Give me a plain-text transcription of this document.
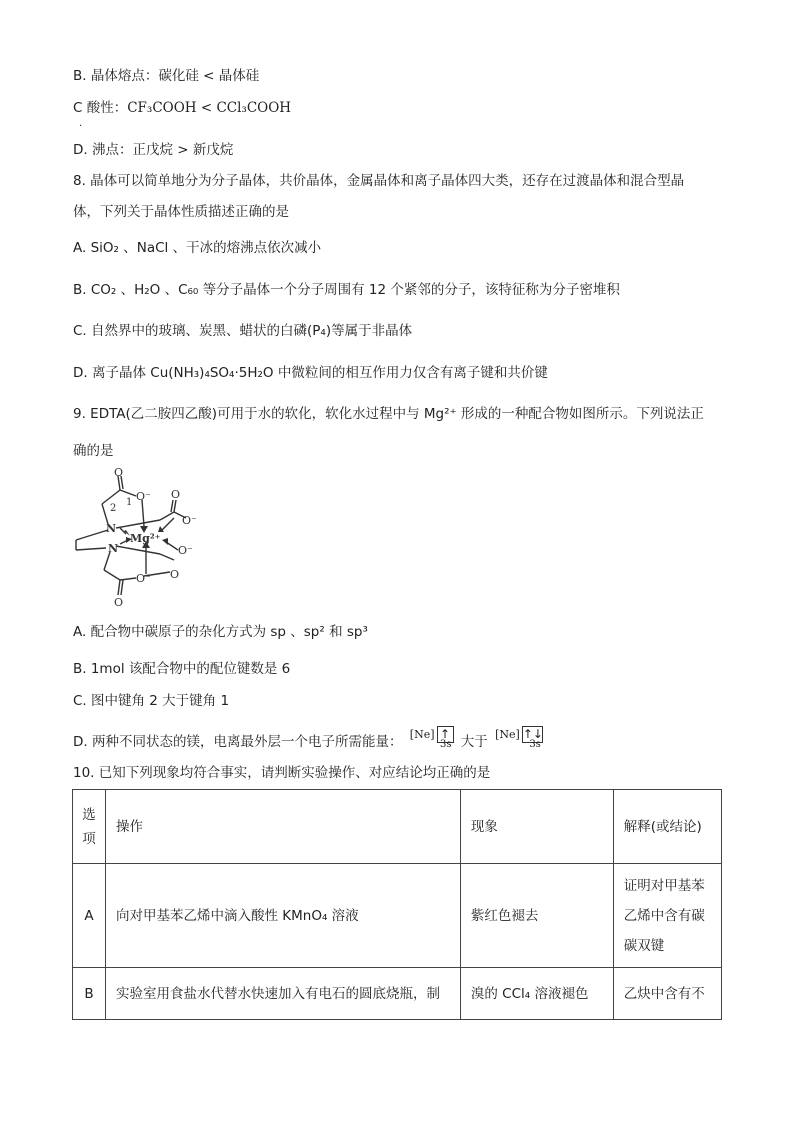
B. 晶体熔点：碳化硅 < 晶体硅
C 酸性：CF₃COOH < CCl₃COOH
·
D. 沸点：正戊烷 > 新戊烷
8. 晶体可以简单地分为分子晶体，共价晶体，金属晶体和离子晶体四大类，还存在过渡晶体和混合型晶
体，下列关于晶体性质描述正确的是
A. SiO₂ 、NaCl 、干冰的熔沸点依次减小
B. CO₂ 、H₂O 、C₆₀ 等分子晶体一个分子周围有 12 个紧邻的分子，该特征称为分子密堆积
C. 自然界中的玻璃、炭黑、蜡状的白磷(P₄)等属于非晶体
D. 离子晶体 Cu(NH₃)₄SO₄·5H₂O 中微粒间的相互作用力仅含有离子键和共价键
9. EDTA(乙二胺四乙酸)可用于水的软化，软化水过程中与 Mg²⁺ 形成的一种配合物如图所示。下列说法正
确的是
O
O⁻ O
O⁻
O⁻
O
O⁻
O
N
N
Mg²⁺
2
1
A. 配合物中碳原子的杂化方式为 sp 、sp² 和 sp³
B. 1mol 该配合物中的配位键数是 6
C. 图中键角 2 大于键角 1
D. 两种不同状态的镁，电离最外层一个电子所需能量： [Ne] ↑
3s 大于 [Ne] ↑↓
3s
10. 已知下列现象均符合事实，请判断实验操作、对应结论均正确的是
选
项	操作	现象	解释(或结论)
A	向对甲基苯乙烯中滴入酸性 KMnO₄ 溶液	紫红色褪去	证明对甲基苯
乙烯中含有碳
碳双键
B	实验室用食盐水代替水快速加入有电石的圆底烧瓶，制	溴的 CCl₄ 溶液褪色	乙炔中含有不
